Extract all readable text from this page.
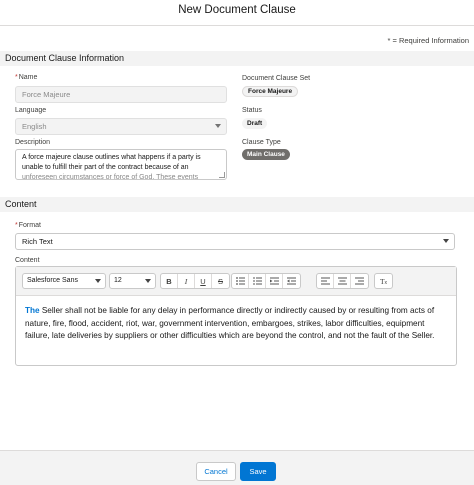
New Document Clause
* = Required Information
Document Clause Information
*Name
Force Majeure
Language
English
Description
A force majeure clause outlines what happens if a party is
unable to fulfill their part of the contract because of an
unforeseen circumstances or force of God. These events
Document Clause Set
Force Majeure
Status
Draft
Clause Type
Main Clause
Content
*Format
Rich Text
Content
Salesforce Sans	12	B I U S	T x
The Seller shall not be liable for any delay in performance directly or indirectly caused by or resulting from acts of nature, fire, flood, accident, riot, war, government intervention, embargoes, strikes, labor difficulties, equipment failure, late deliveries by suppliers or other difficulties which are beyond the control, and not the fault of the Seller.
Cancel	Save
